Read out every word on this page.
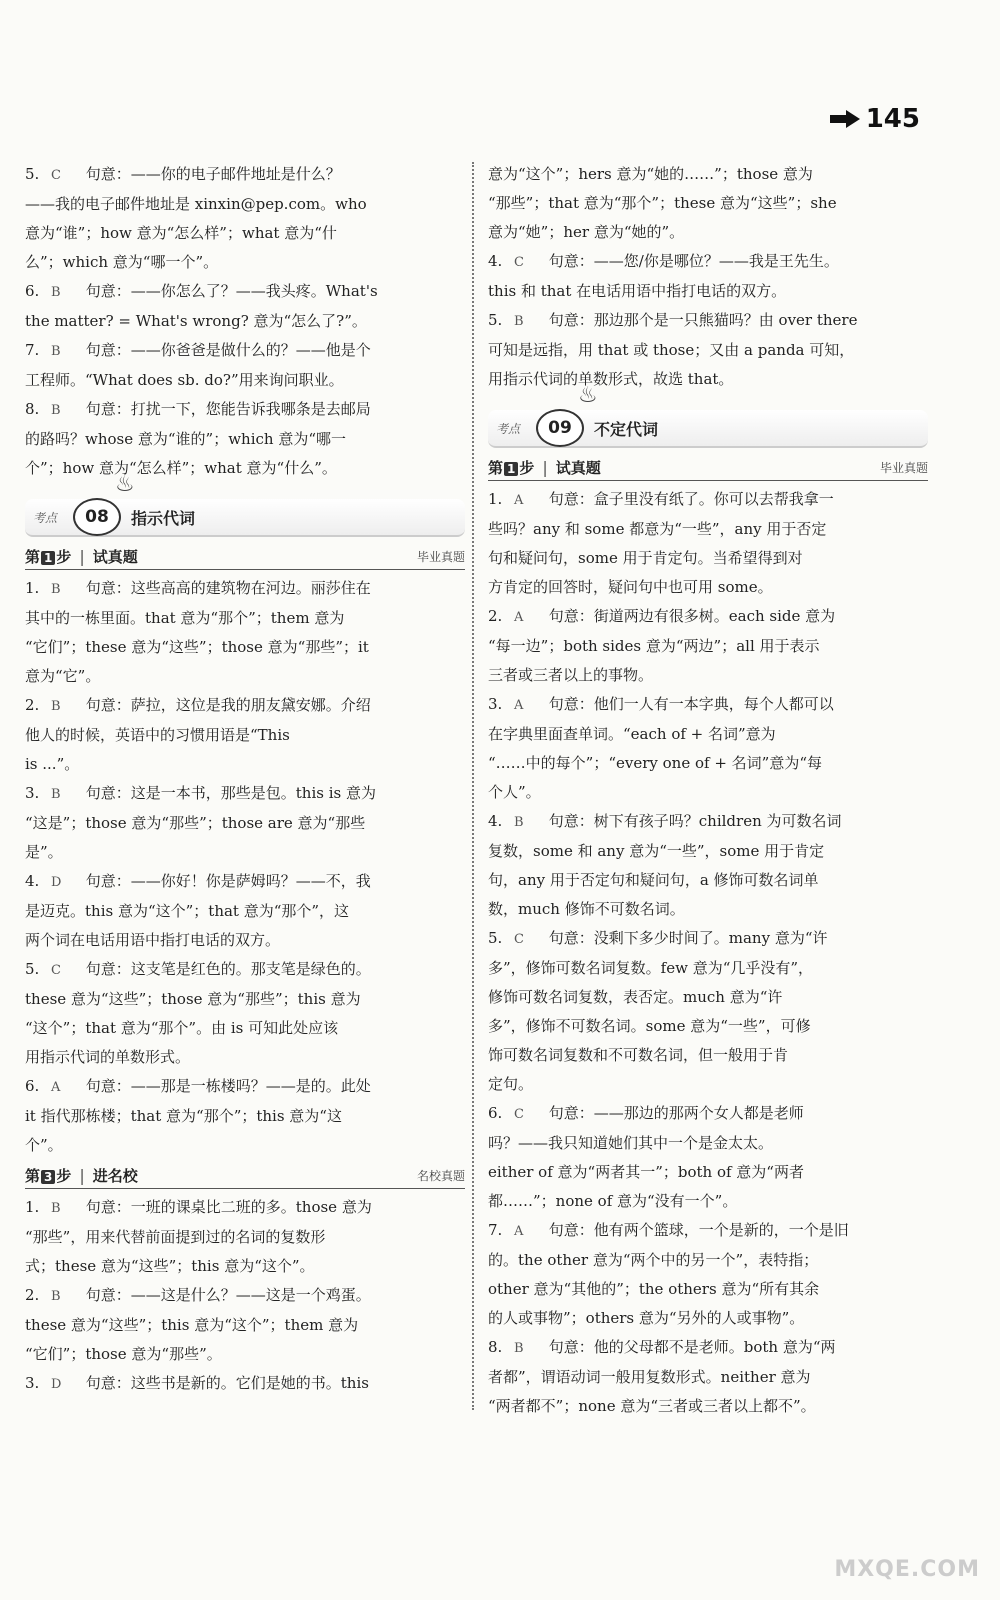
145
5.C 句意：——你的电子邮件地址是什么？
——我的电子邮件地址是 xinxin@pep.com。who
意为“谁”；how 意为“怎么样”；what 意为“什
么”；which 意为“哪一个”。
6.B 句意：——你怎么了？——我头疼。What's
the matter? = What's wrong? 意为“怎么了?”。
7.B 句意：——你爸爸是做什么的？——他是个
工程师。“What does sb. do?”用来询问职业。
8.B 句意：打扰一下，您能告诉我哪条是去邮局
的路吗？whose 意为“谁的”；which 意为“哪一
个”；how 意为“怎么样”；what 意为“什么”。
考点
♨
08 指示代词
第 1 步 | 试真题	毕业真题
1.B 句意：这些高高的建筑物在河边。丽莎住在
其中的一栋里面。that 意为“那个”；them 意为
“它们”；these 意为“这些”；those 意为“那些”；it
意为“它”。
2.B 句意：萨拉，这位是我的朋友黛安娜。介绍
他人的时候，英语中的习惯用语是“This
is ...”。
3.B 句意：这是一本书，那些是包。this is 意为
“这是”；those 意为“那些”；those are 意为“那些
是”。
4.D 句意：——你好！你是萨姆吗？——不，我
是迈克。this 意为“这个”；that 意为“那个”，这
两个词在电话用语中指打电话的双方。
5.C 句意：这支笔是红色的。那支笔是绿色的。
these 意为“这些”；those 意为“那些”；this 意为
“这个”；that 意为“那个”。由 is 可知此处应该
用指示代词的单数形式。
6.A 句意：——那是一栋楼吗？——是的。此处
it 指代那栋楼；that 意为“那个”；this 意为“这
个”。
第 3 步 | 进名校	名校真题
1.B 句意：一班的课桌比二班的多。those 意为
“那些”，用来代替前面提到过的名词的复数形
式；these 意为“这些”；this 意为“这个”。
2.B 句意：——这是什么？——这是一个鸡蛋。
these 意为“这些”；this 意为“这个”；them 意为
“它们”；those 意为“那些”。
3.D 句意：这些书是新的。它们是她的书。this
意为“这个”；hers 意为“她的……”；those 意为
“那些”；that 意为“那个”；these 意为“这些”；she
意为“她”；her 意为“她的”。
4.C 句意：——您/你是哪位？——我是王先生。
this 和 that 在电话用语中指打电话的双方。
5.B 句意：那边那个是一只熊猫吗？由 over there
可知是远指，用 that 或 those；又由 a panda 可知，
用指示代词的单数形式，故选 that。
考点
♨
09 不定代词
第 1 步 | 试真题	毕业真题
1.A 句意：盒子里没有纸了。你可以去帮我拿一
些吗？any 和 some 都意为“一些”，any 用于否定
句和疑问句，some 用于肯定句。当希望得到对
方肯定的回答时，疑问句中也可用 some。
2.A 句意：街道两边有很多树。each side 意为
“每一边”；both sides 意为“两边”；all 用于表示
三者或三者以上的事物。
3.A 句意：他们一人有一本字典，每个人都可以
在字典里面查单词。“each of + 名词”意为
“……中的每个”；“every one of + 名词”意为“每
个人”。
4.B 句意：树下有孩子吗？children 为可数名词
复数，some 和 any 意为“一些”，some 用于肯定
句，any 用于否定句和疑问句，a 修饰可数名词单
数，much 修饰不可数名词。
5.C 句意：没剩下多少时间了。many 意为“许
多”，修饰可数名词复数。few 意为“几乎没有”，
修饰可数名词复数，表否定。much 意为“许
多”，修饰不可数名词。some 意为“一些”，可修
饰可数名词复数和不可数名词，但一般用于肯
定句。
6.C 句意：——那边的那两个女人都是老师
吗？——我只知道她们其中一个是金太太。
either of 意为“两者其一”；both of 意为“两者
都……”；none of 意为“没有一个”。
7.A 句意：他有两个篮球，一个是新的，一个是旧
的。the other 意为“两个中的另一个”，表特指；
other 意为“其他的”；the others 意为“所有其余
的人或事物”；others 意为“另外的人或事物”。
8.B 句意：他的父母都不是老师。both 意为“两
者都”，谓语动词一般用复数形式。neither 意为
“两者都不”；none 意为“三者或三者以上都不”。
MXQE.COM
